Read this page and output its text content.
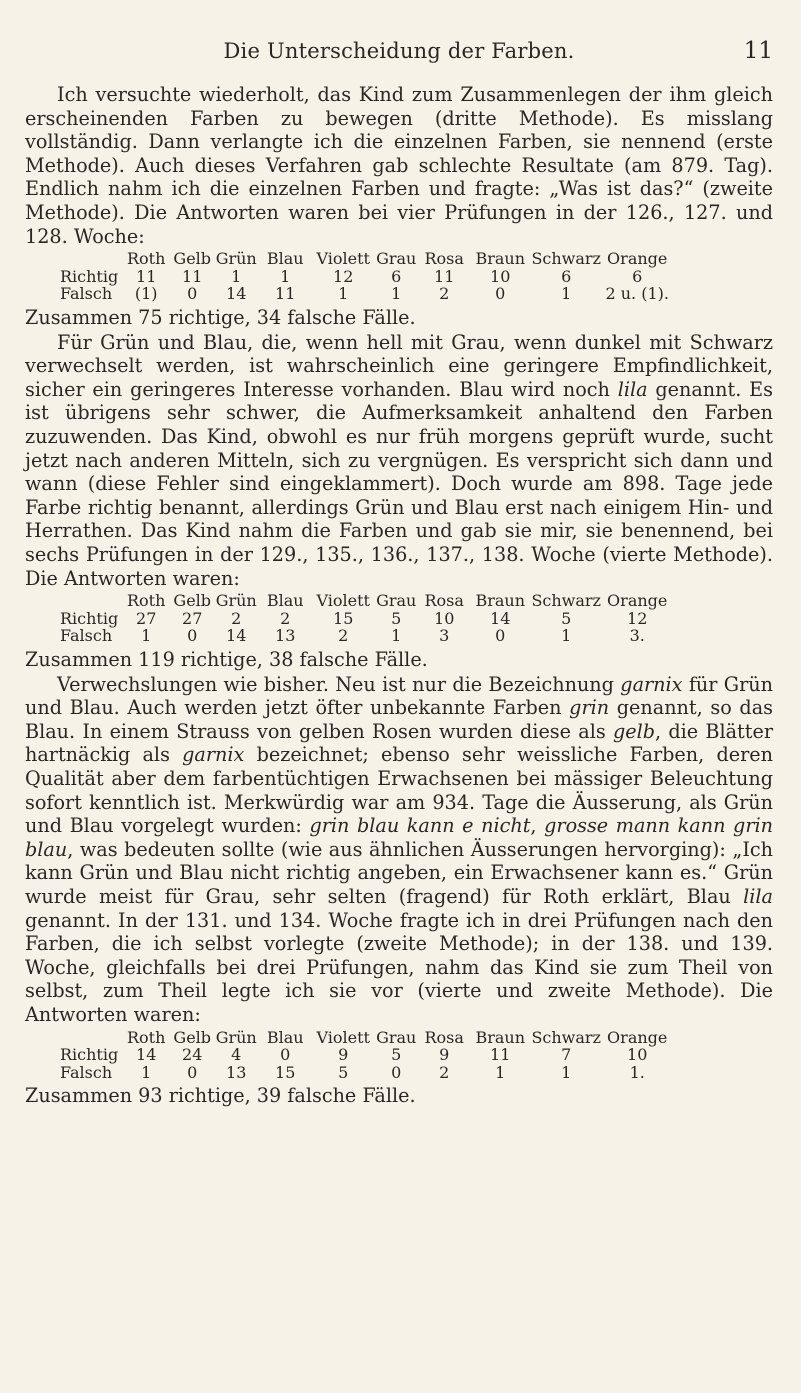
Die Unterscheidung der Farben.	11

Ich versuchte wiederholt, das Kind zum Zusammenlegen der ihm gleich erscheinenden Farben zu bewegen (dritte Methode). Es misslang vollständig. Dann verlangte ich die einzelnen Farben, sie nennend (erste Methode). Auch dieses Verfahren gab schlechte Resultate (am 879. Tag). Endlich nahm ich die einzelnen Farben und fragte: „Was ist das?“ (zweite Methode). Die Antworten waren bei vier Prüfungen in der 126., 127. und 128. Woche:

	Roth	Gelb	Grün	Blau	Violett	Grau	Rosa	Braun	Schwarz	Orange
Richtig	11	11	1	1	12	6	11	10	6	6
Falsch	(1)	0	14	11	1	1	2	0	1	2 u. (1).

Zusammen 75 richtige, 34 falsche Fälle.

Für Grün und Blau, die, wenn hell mit Grau, wenn dunkel mit Schwarz verwechselt werden, ist wahrscheinlich eine geringere Empfindlichkeit, sicher ein geringeres Interesse vorhanden. Blau wird noch lila genannt. Es ist übrigens sehr schwer, die Aufmerksamkeit anhaltend den Farben zuzuwenden. Das Kind, obwohl es nur früh morgens geprüft wurde, sucht jetzt nach anderen Mitteln, sich zu vergnügen. Es verspricht sich dann und wann (diese Fehler sind eingeklammert). Doch wurde am 898. Tage jede Farbe richtig benannt, allerdings Grün und Blau erst nach einigem Hin- und Herrathen. Das Kind nahm die Farben und gab sie mir, sie benennend, bei sechs Prüfungen in der 129., 135., 136., 137., 138. Woche (vierte Methode). Die Antworten waren:

	Roth	Gelb	Grün	Blau	Violett	Grau	Rosa	Braun	Schwarz	Orange
Richtig	27	27	2	2	15	5	10	14	5	12
Falsch	1	0	14	13	2	1	3	0	1	3.

Zusammen 119 richtige, 38 falsche Fälle.

Verwechslungen wie bisher. Neu ist nur die Bezeichnung garnix für Grün und Blau. Auch werden jetzt öfter unbekannte Farben grin genannt, so das Blau. In einem Strauss von gelben Rosen wurden diese als gelb, die Blätter hartnäckig als garnix bezeichnet; ebenso sehr weissliche Farben, deren Qualität aber dem farbentüchtigen Erwachsenen bei mässiger Beleuchtung sofort kenntlich ist. Merkwürdig war am 934. Tage die Äusserung, als Grün und Blau vorgelegt wurden: grin blau kann e nicht, grosse mann kann grin blau, was bedeuten sollte (wie aus ähnlichen Äusserungen hervorging): „Ich kann Grün und Blau nicht richtig angeben, ein Erwachsener kann es.“ Grün wurde meist für Grau, sehr selten (fragend) für Roth erklärt, Blau lila genannt. In der 131. und 134. Woche fragte ich in drei Prüfungen nach den Farben, die ich selbst vorlegte (zweite Methode); in der 138. und 139. Woche, gleichfalls bei drei Prüfungen, nahm das Kind sie zum Theil von selbst, zum Theil legte ich sie vor (vierte und zweite Methode). Die Antworten waren:

	Roth	Gelb	Grün	Blau	Violett	Grau	Rosa	Braun	Schwarz	Orange
Richtig	14	24	4	0	9	5	9	11	7	10
Falsch	1	0	13	15	5	0	2	1	1	1.

Zusammen 93 richtige, 39 falsche Fälle.
